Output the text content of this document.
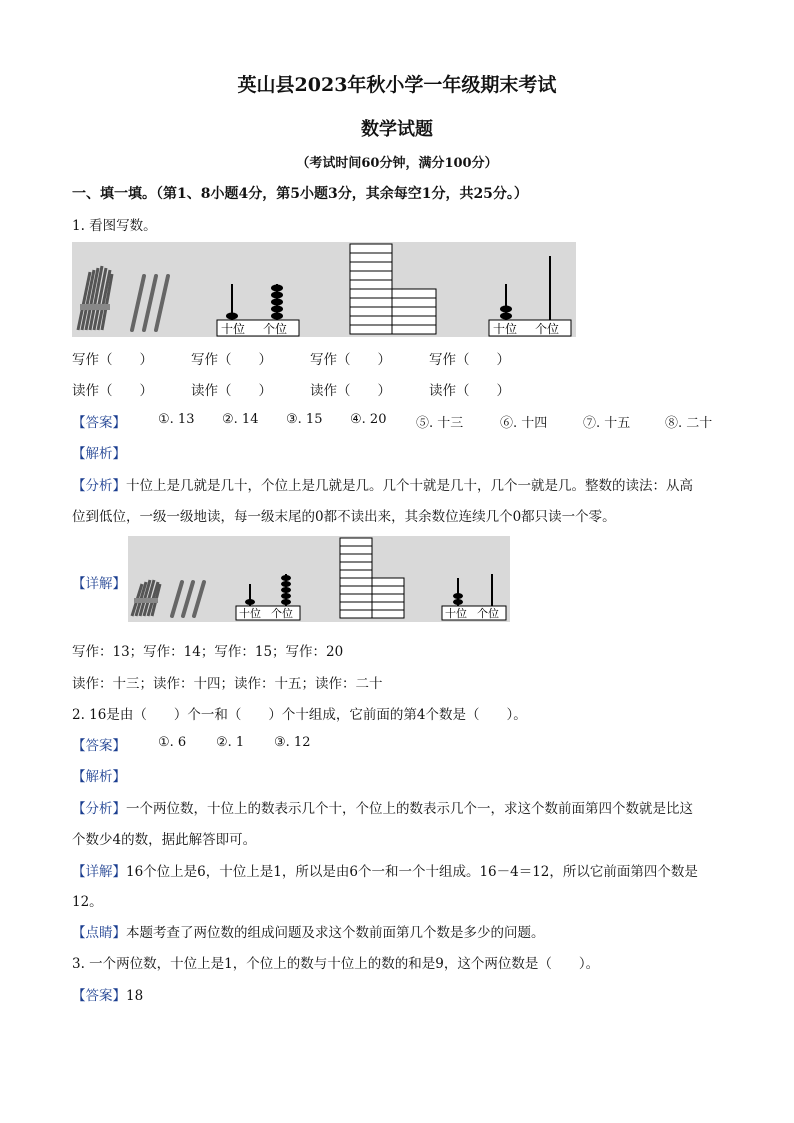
英山县2023年秋小学一年级期末考试
数学试题
（考试时间60分钟，满分100分）
一、填一填。（第1、8小题4分，第5小题3分，其余每空1分，共25分。）
1. 看图写数。
十位 个位	十位 个位
写作（　　）	写作（　　）	写作（　　）	写作（　　）
读作（　　）	读作（　　）	读作（　　）	读作（　　）
【答案】 ①. 13 ②. 14 ③. 15 ④. 20 ⑤. 十三	⑥. 十四	⑦. 十五	⑧. 二十
【解析】
【分析】十位上是几就是几十，个位上是几就是几。几个十就是几十，几个一就是几。整数的读法：从高
位到低位，一级一级地读，每一级末尾的0都不读出来，其余数位连续几个0都只读一个零。
【详解】
十位 个位	十位 个位
写作：13；写作：14；写作：15；写作：20
读作：十三；读作：十四；读作：十五；读作：二十
2. 16是由（　　）个一和（　　）个十组成，它前面的第4个数是（　　）。
【答案】 ①. 6 ②. 1 ③. 12
【解析】
【分析】一个两位数，十位上的数表示几个十，个位上的数表示几个一，求这个数前面第四个数就是比这
个数少4的数，据此解答即可。
【详解】16个位上是6，十位上是1，所以是由6个一和一个十组成。16－4＝12，所以它前面第四个数是
12。
【点睛】本题考查了两位数的组成问题及求这个数前面第几个数是多少的问题。
3. 一个两位数，十位上是1，个位上的数与十位上的数的和是9，这个两位数是（　　）。
【答案】18
